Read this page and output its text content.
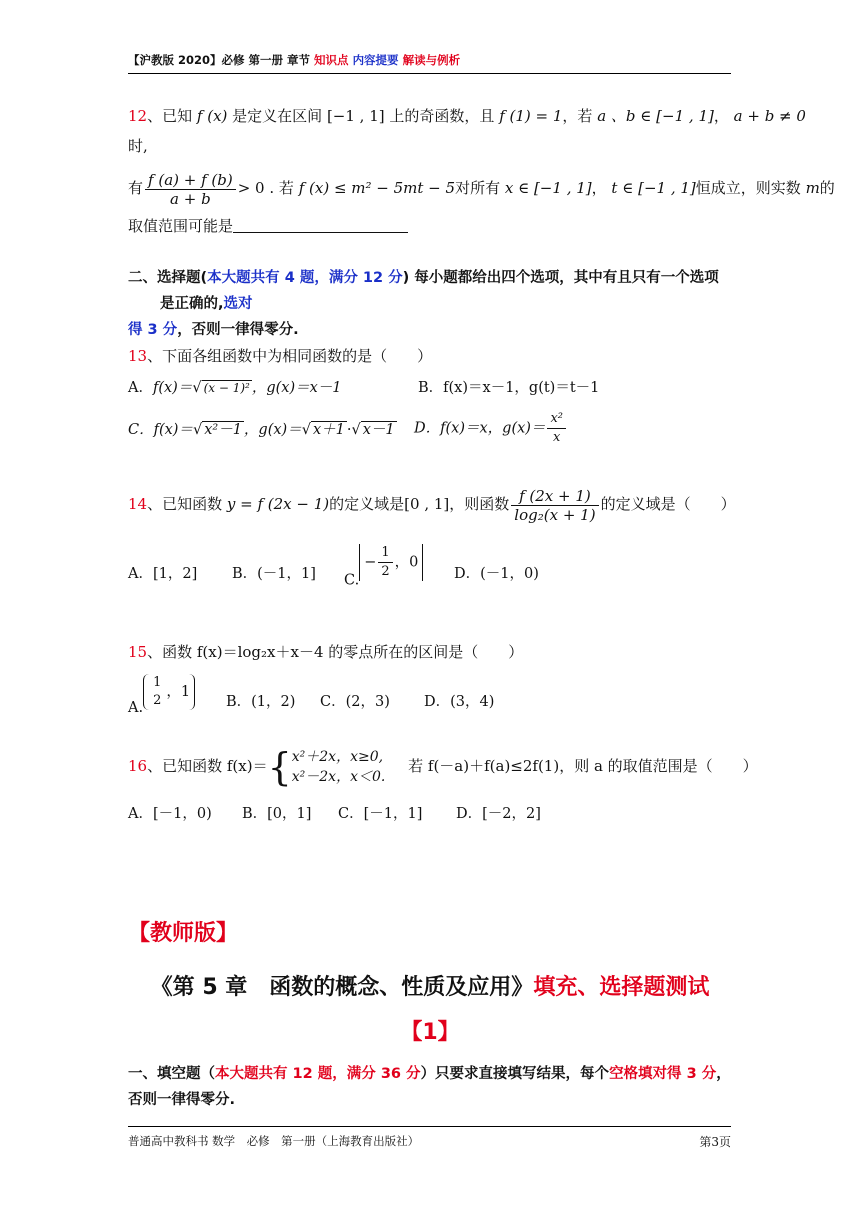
【沪教版 2020】必修 第一册 章节 知识点 内容提要 解读与例析
12、已知 f (x) 是定义在区间 [−1 , 1] 上的奇函数，且 f (1) = 1，若 a 、b ∈ [−1 , 1]， a + b ≠ 0
时,
有 $\frac{f (a) + f (b)}{a + b} > 0$ . 若 f (x) ≤ m² − 5mt − 5对所有 x ∈ [−1 , 1]， t ∈ [−1 , 1]恒成立，则实数 m的
取值范围可能是
二、选择题(本大题共有 4 题，满分 12 分) 每小题都给出四个选项，其中有且只有一个选项
是正确的,选对
得 3 分，否则一律得零分.
13、下面各组函数中为相同函数的是（　　）
A．f(x)＝√ (x − 1)² ，g(x)＝x－1	B．f(x)＝x－1，g(t)＝t－1
C．f(x)＝√ x²－1 ，g(x)＝√ x＋1 ·√ x－1 D．f(x)＝x，$g(x)= \frac{\text{x²}}{x}$
14、已知函数 y = f (2x − 1)的定义域是[0 , 1]，则函数 $\frac{f (2x + 1)}{\text{log₂(x + 1)}}$ 的定义域是（　　）
A．[1，2] B．(－1，1] $C.- \frac{1}{2}$ ，0
D．(－1，0)
15、函数 f(x)＝log₂x＋x－4 的零点所在的区间是（　　）
A.
1
2
，1
B．(1，2) C．(2，3) D．(3，4)
16、已知函数 f(x)＝{ x²＋2x，x≥0,
x²－2x，x＜0.
若 f(－a)＋f(a)≤2f(1)，则 a 的取值范围是（　　）
A．[－1，0) B．[0，1] C．[－1，1] D．[－2，2]
【教师版】
《第 5 章　函数的概念、性质及应用》填充、选择题测试
【1】
一、填空题（本大题共有 12 题，满分 36 分）只要求直接填写结果，每个空格填对得 3 分，
否则一律得零分.
普通高中教科书 数学　必修　第一册（上海教育出版社）	第3页
